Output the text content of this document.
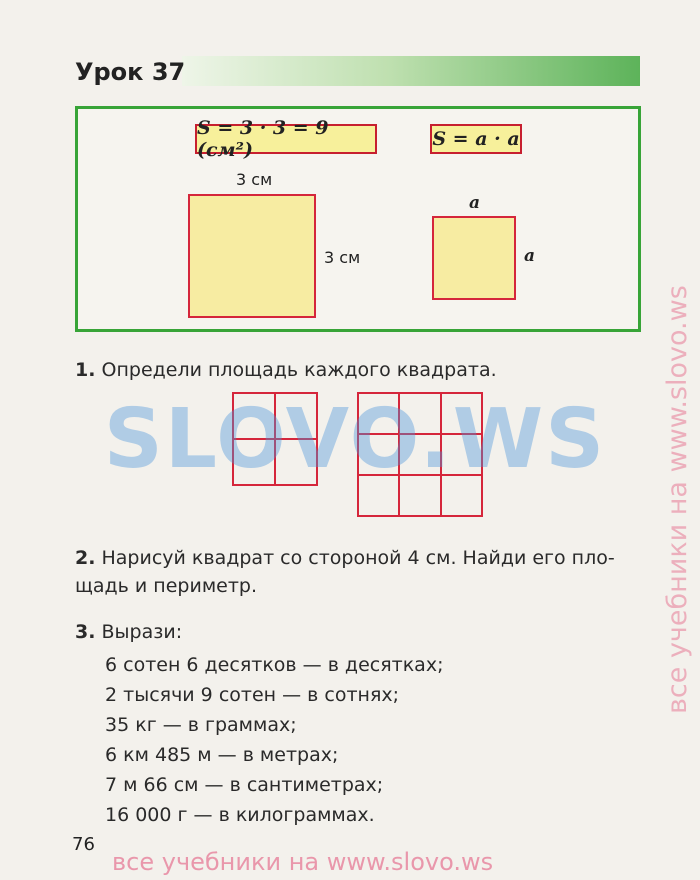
Урок 37
S = 3 · 3 = 9 (см²)	S = a · a
3 см
3 см
a
a
1. Определи площадь каждого квадрата.
2. Нарисуй квадрат со стороной 4 см. Найди его пло-
щадь и периметр.
3. Вырази:
6 сотен 6 десятков — в десятках;
2 тысячи 9 сотен — в сотнях;
35 кг — в граммах;
6 км 485 м — в метрах;
7 м 66 см — в сантиметрах;
16 000 г — в килограммах.
76
SLOVO.WS все учебники на www.slovo.ws
все учебники на www.slovo.ws
